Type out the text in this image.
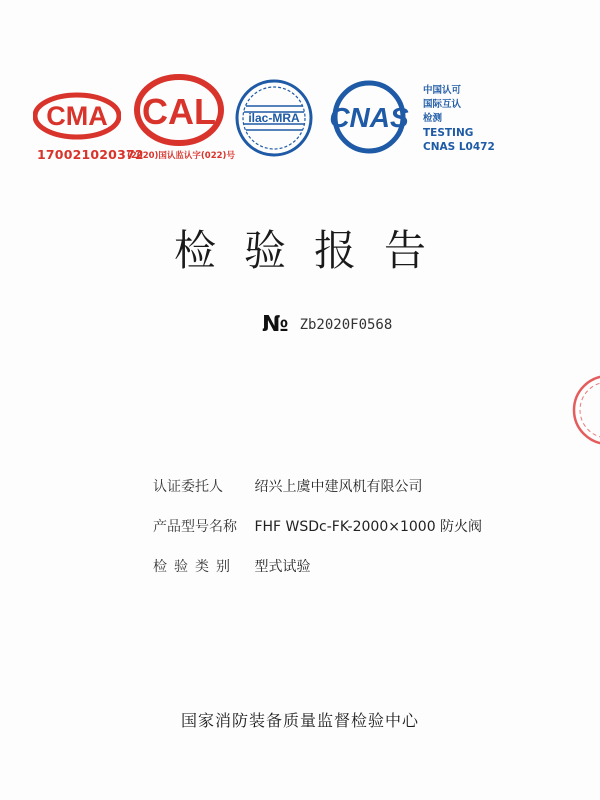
CMA
170021020372
CAL
(2020)国认监认字(022)号
ilac-MRA CNAS
中国认可
国际互认
检测
TESTING
CNAS L0472
检验报告
№ Zb2020F0568
认证委托人 绍兴上虞中建风机有限公司
产品型号名称 FHF WSDc-FK-2000×1000 防火阀
检验类别 型式试验
国家消防装备质量监督检验中心
